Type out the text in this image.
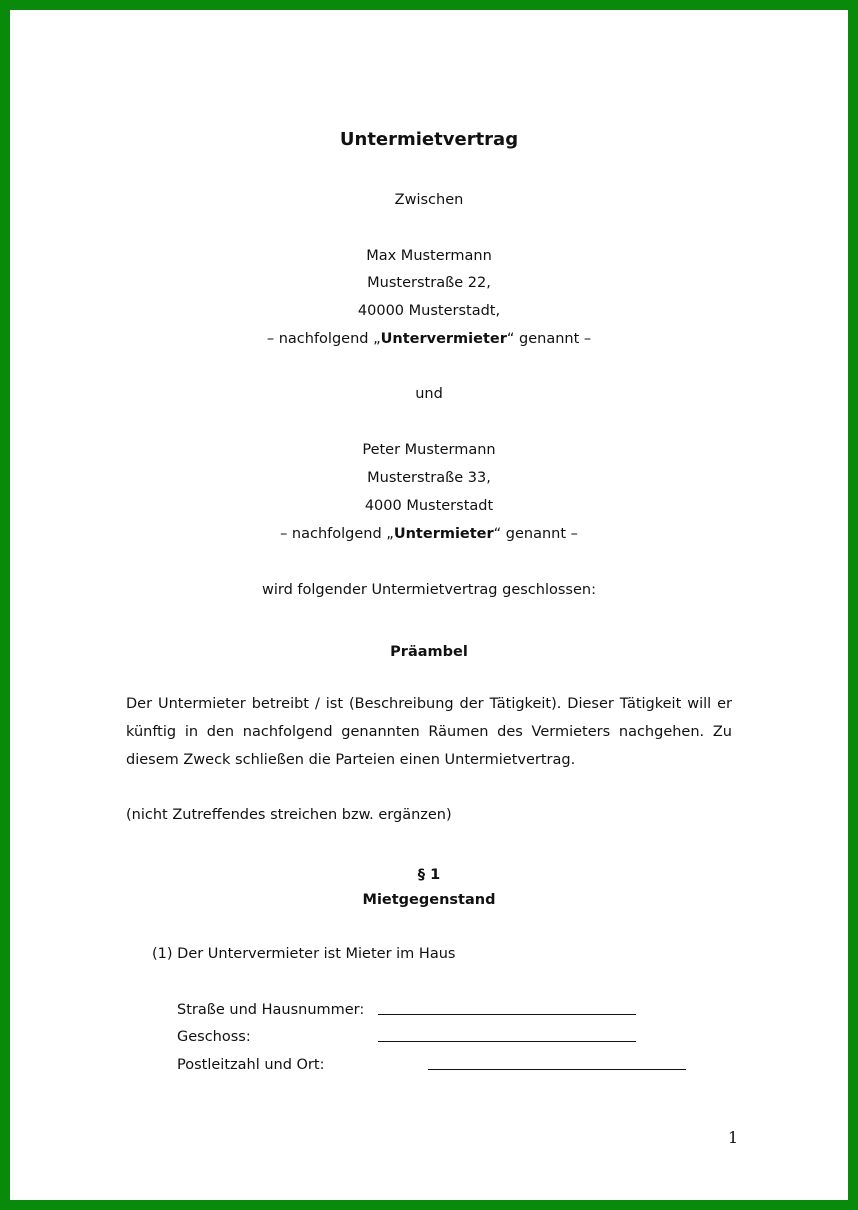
Untermietvertrag
Zwischen
Max Mustermann
Musterstraße 22,
40000 Musterstadt,
– nachfolgend „Untervermieter“ genannt –
und
Peter Mustermann
Musterstraße 33,
4000 Musterstadt
– nachfolgend „Untermieter“ genannt –
wird folgender Untermietvertrag geschlossen:
Präambel
Der Untermieter betreibt / ist (Beschreibung der Tätigkeit). Dieser Tätigkeit will er künftig in den nachfolgend genannten Räumen des Vermieters nachgehen. Zu diesem Zweck schließen die Parteien einen Untermietvertrag.
(nicht Zutreffendes streichen bzw. ergänzen)
§ 1
Mietgegenstand
(1) Der Untervermieter ist Mieter im Haus
Straße und Hausnummer:
Geschoss:
Postleitzahl und Ort:
1
